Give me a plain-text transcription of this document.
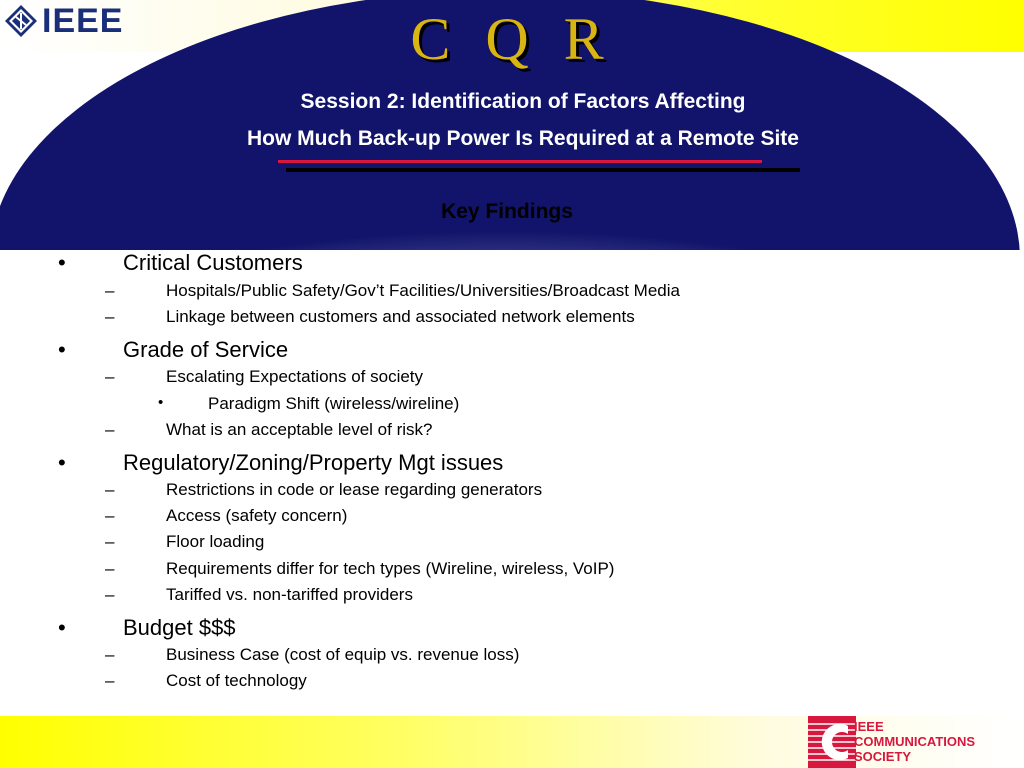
IEEE	C Q R
Session 2: Identification of Factors Affecting
How Much Back-up Power Is Required at a Remote Site
Key Findings
•	Critical Customers
–	Hospitals/Public Safety/Gov’t Facilities/Universities/Broadcast Media
–	Linkage between customers and associated network elements
•	Grade of Service
–	Escalating Expectations of society
•	Paradigm Shift (wireless/wireline)
–	What is an acceptable level of risk?
•	Regulatory/Zoning/Property Mgt issues
–	Restrictions in code or lease regarding generators
–	Access (safety concern)
–	Floor loading
–	Requirements differ for tech types (Wireline, wireless, VoIP)
–	Tariffed vs. non-tariffed providers
•	Budget $$$
–	Business Case (cost of equip vs. revenue loss)
–	Cost of technology
IEEE
COMMUNICATIONS
SOCIETY
